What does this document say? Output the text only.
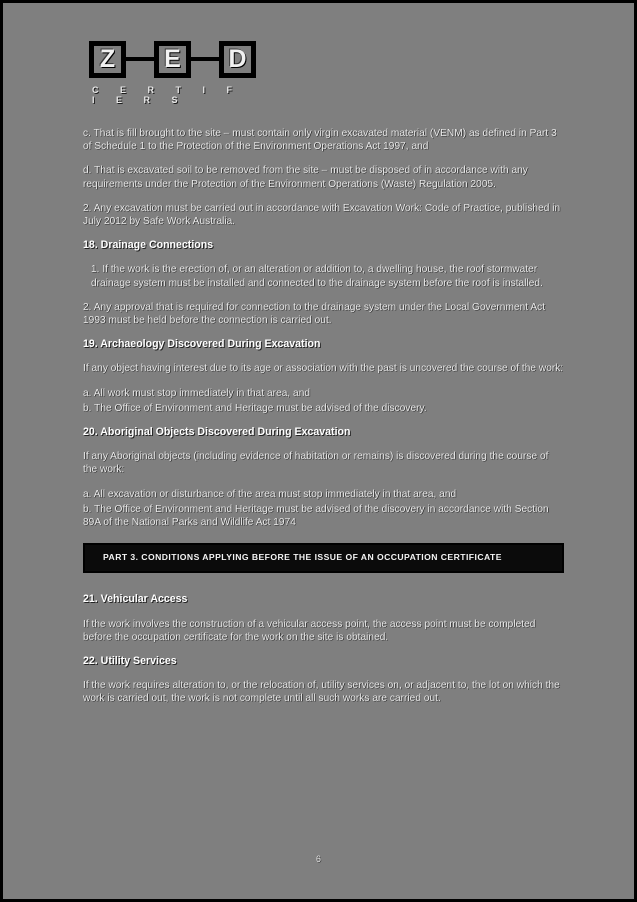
Z	E	D
C E R T I F I E R S

c. That is fill brought to the site – must contain only virgin excavated material (VENM) as defined in Part 3 of Schedule 1 to the Protection of the Environment Operations Act 1997, and

d. That is excavated soil to be removed from the site – must be disposed of in accordance with any requirements under the Protection of the Environment Operations (Waste) Regulation 2005.

2. Any excavation must be carried out in accordance with Excavation Work: Code of Practice, published in July 2012 by Safe Work Australia.

18. Drainage Connections

1. If the work is the erection of, or an alteration or addition to, a dwelling house, the roof stormwater drainage system must be installed and connected to the drainage system before the roof is installed.

2. Any approval that is required for connection to the drainage system under the Local Government Act 1993 must be held before the connection is carried out.

19. Archaeology Discovered During Excavation

If any object having interest due to its age or association with the past is uncovered the course of the work:

a. All work must stop immediately in that area, and

b. The Office of Environment and Heritage must be advised of the discovery.

20. Aboriginal Objects Discovered During Excavation

If any Aboriginal objects (including evidence of habitation or remains) is discovered during the course of the work:

a. All excavation or disturbance of the area must stop immediately in that area, and

b. The Office of Environment and Heritage must be advised of the discovery in accordance with Section 89A of the National Parks and Wildlife Act 1974

PART 3. CONDITIONS APPLYING BEFORE THE ISSUE OF AN OCCUPATION CERTIFICATE

21. Vehicular Access

If the work involves the construction of a vehicular access point, the access point must be completed before the occupation certificate for the work on the site is obtained.

22. Utility Services

If the work requires alteration to, or the relocation of, utility services on, or adjacent to, the lot on which the work is carried out, the work is not complete until all such works are carried out.

6
